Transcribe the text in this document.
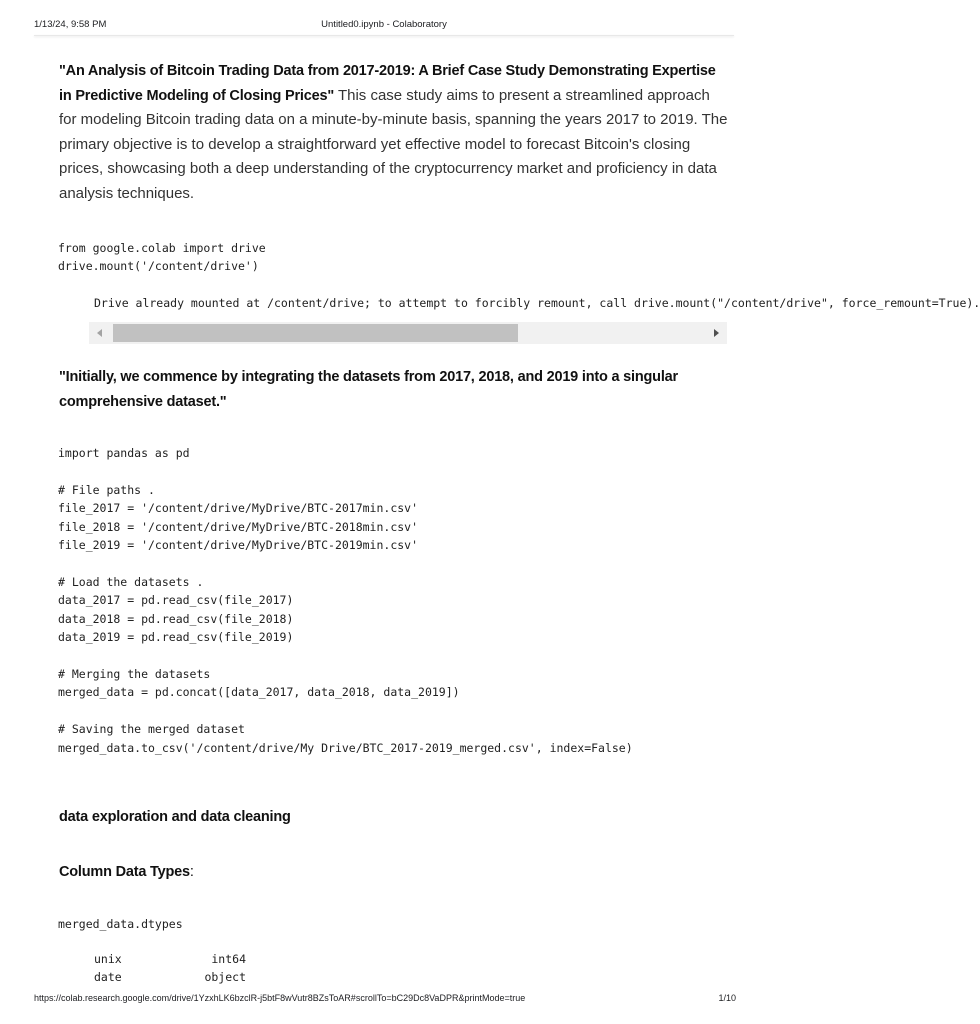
1/13/24, 9:58 PM	Untitled0.ipynb - Colaboratory
"An Analysis of Bitcoin Trading Data from 2017-2019: A Brief Case Study Demonstrating Expertise in Predictive Modeling of Closing Prices" This case study aims to present a streamlined approach for modeling Bitcoin trading data on a minute-by-minute basis, spanning the years 2017 to 2019. The primary objective is to develop a straightforward yet effective model to forecast Bitcoin's closing prices, showcasing both a deep understanding of the cryptocurrency market and proficiency in data analysis techniques.
from google.colab import drive
drive.mount('/content/drive')
Drive already mounted at /content/drive; to attempt to forcibly remount, call drive.mount("/content/drive", force_remount=True).
"Initially, we commence by integrating the datasets from 2017, 2018, and 2019 into a singular comprehensive dataset."
import pandas as pd

# File paths .
file_2017 = '/content/drive/MyDrive/BTC-2017min.csv'
file_2018 = '/content/drive/MyDrive/BTC-2018min.csv'
file_2019 = '/content/drive/MyDrive/BTC-2019min.csv'

# Load the datasets .
data_2017 = pd.read_csv(file_2017)
data_2018 = pd.read_csv(file_2018)
data_2019 = pd.read_csv(file_2019)

# Merging the datasets
merged_data = pd.concat([data_2017, data_2018, data_2019])

# Saving the merged dataset
merged_data.to_csv('/content/drive/My Drive/BTC_2017-2019_merged.csv', index=False)
data exploration and data cleaning
Column Data Types:
merged_data.dtypes
unix	int64
date	object
https://colab.research.google.com/drive/1YzxhLK6bzclR-j5btF8wVutr8BZsToAR#scrollTo=bC29Dc8VaDPR&printMode=true	1/10
